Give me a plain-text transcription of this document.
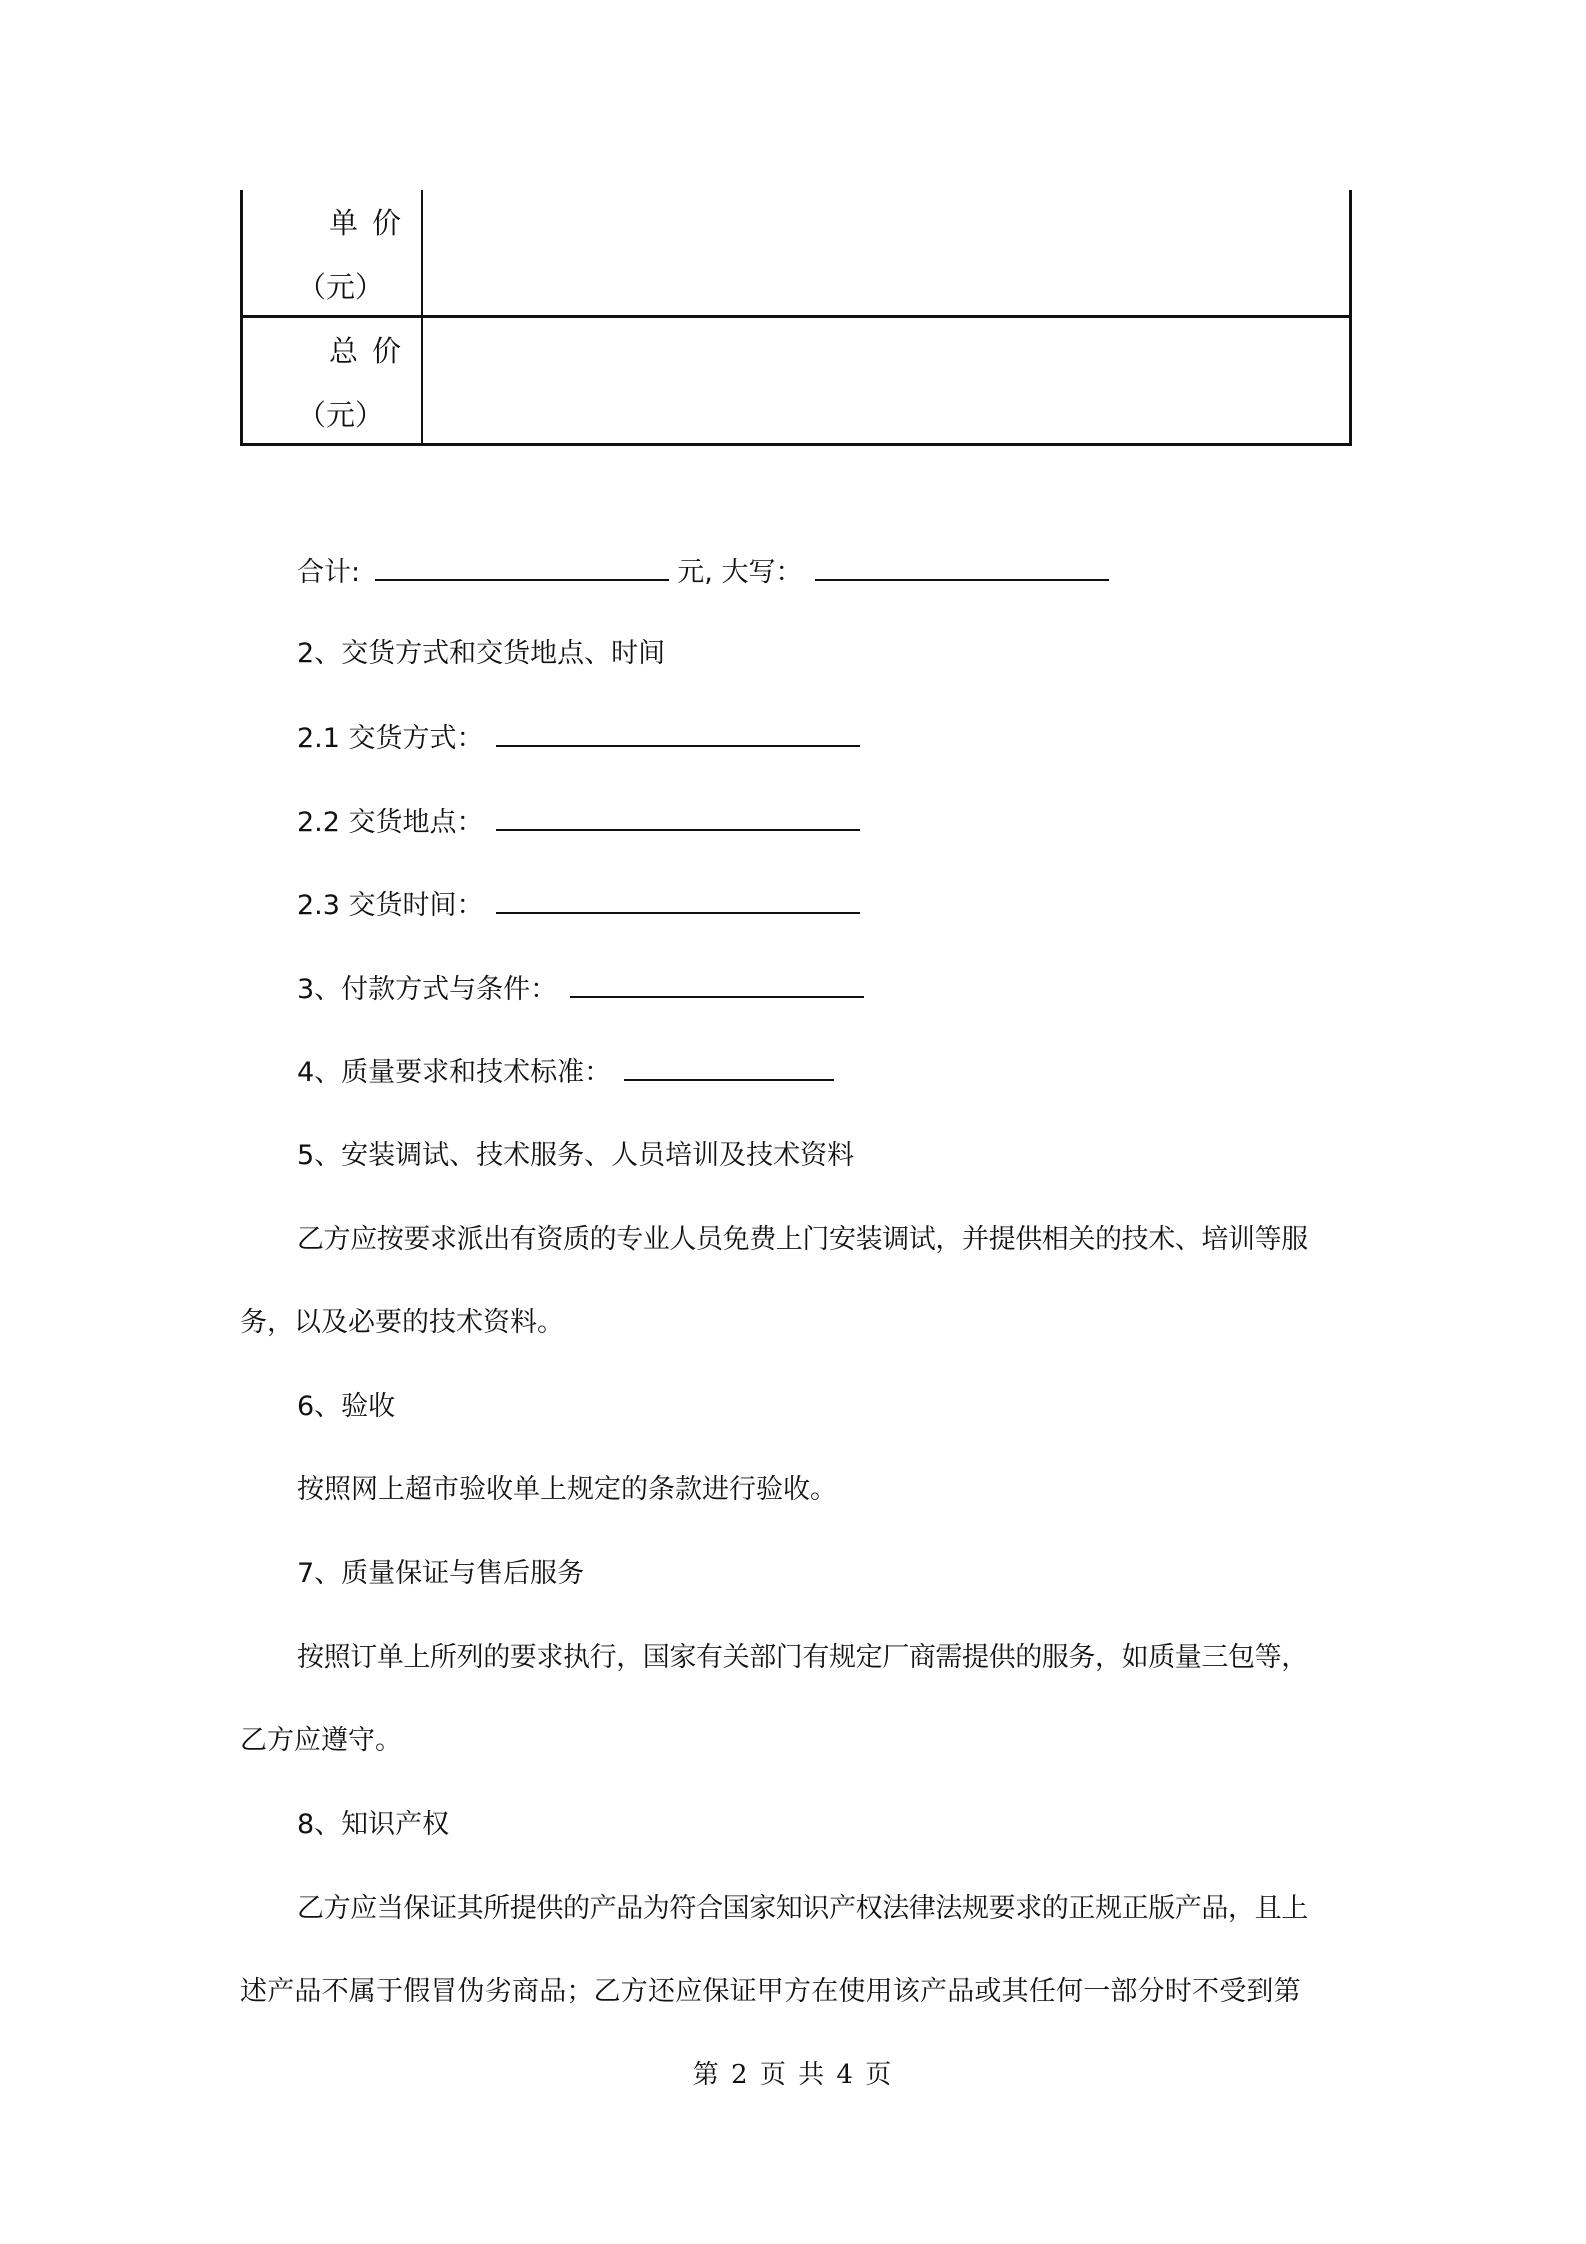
单价
（元）
总价
（元）
合计:	元, 大写：
2、交货方式和交货地点、时间
2.1 交货方式：
2.2 交货地点：
2.3 交货时间：
3、付款方式与条件：
4、质量要求和技术标准：
5、安装调试、技术服务、人员培训及技术资料
乙方应按要求派出有资质的专业人员免费上门安装调试，并提供相关的技术、培训等服
务，以及必要的技术资料。
6、验收
按照网上超市验收单上规定的条款进行验收。
7、质量保证与售后服务
按照订单上所列的要求执行，国家有关部门有规定厂商需提供的服务，如质量三包等，
乙方应遵守。
8、知识产权
乙方应当保证其所提供的产品为符合国家知识产权法律法规要求的正规正版产品，且上
述产品不属于假冒伪劣商品；乙方还应保证甲方在使用该产品或其任何一部分时不受到第
第 2 页 共 4 页
